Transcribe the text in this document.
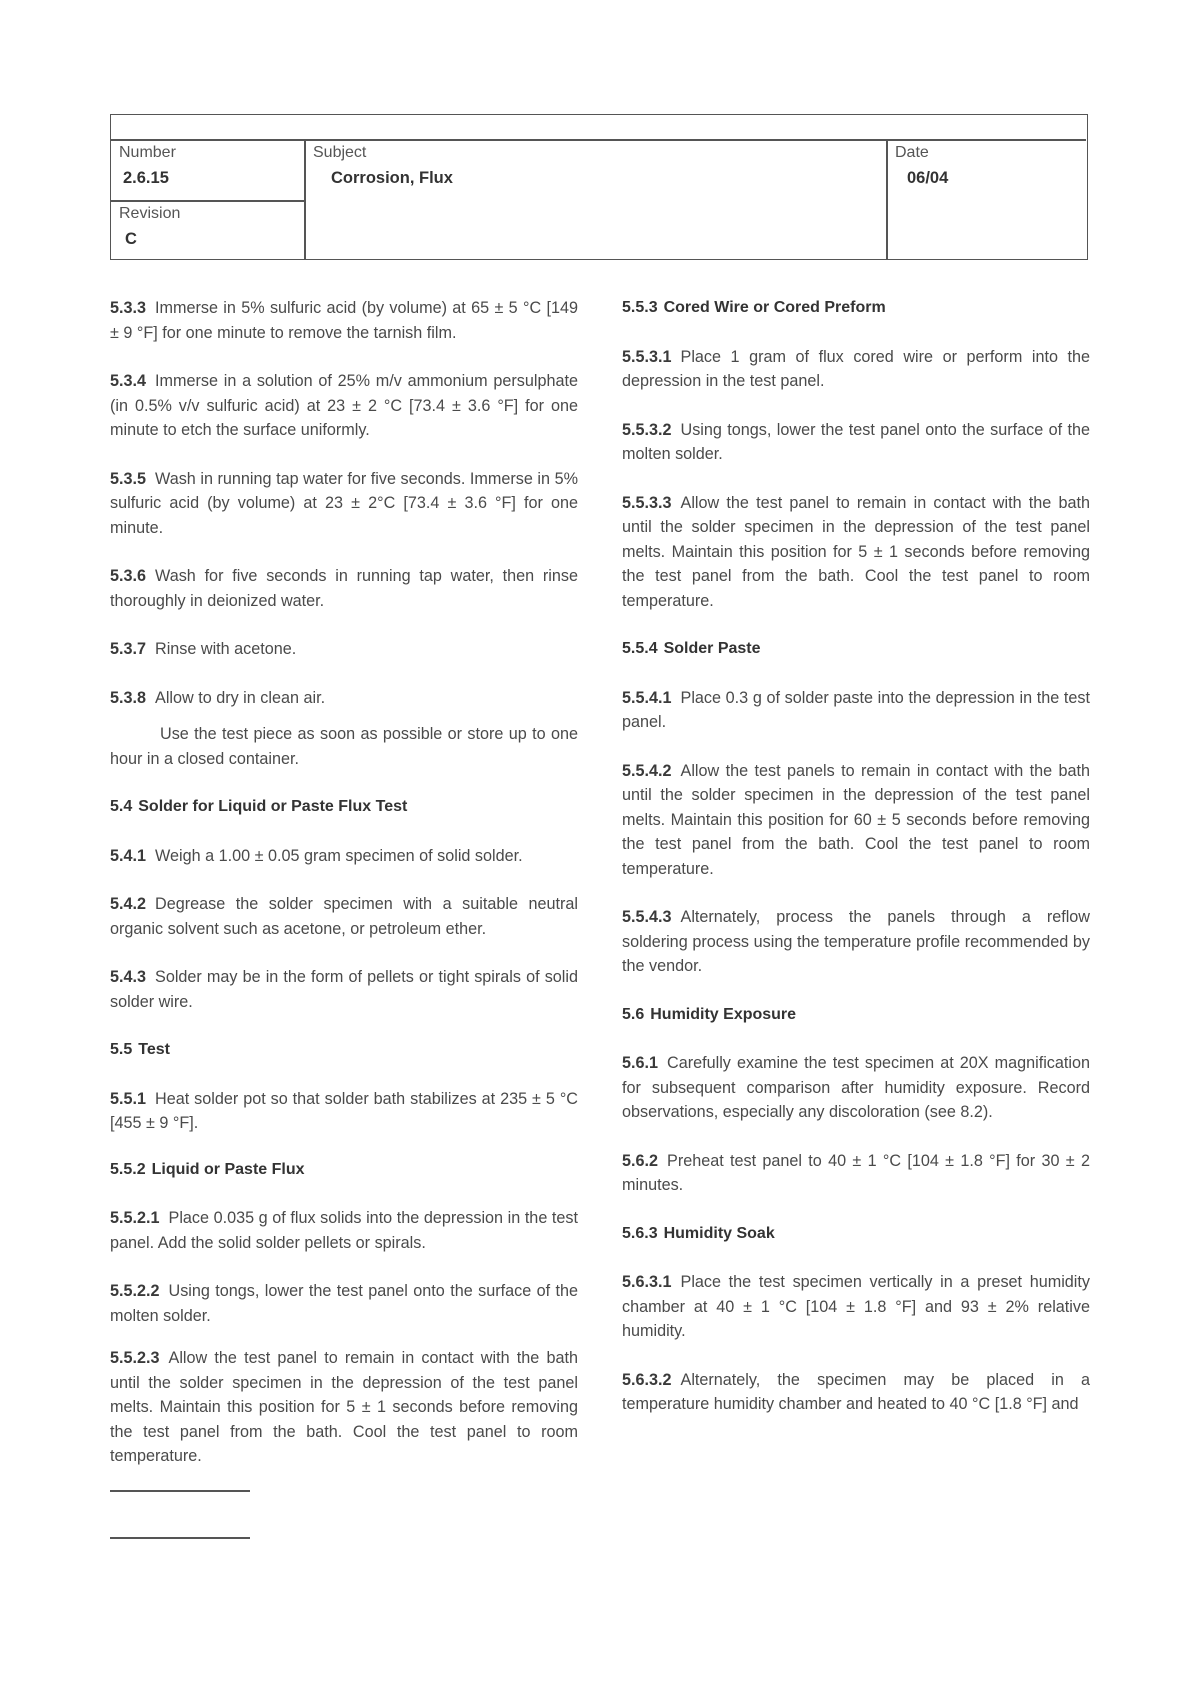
Number
2.6.15
Subject
Corrosion, Flux
Date
06/04
Revision
C

5.3.3 Immerse in 5% sulfuric acid (by volume) at 65 ± 5 °C [149 ± 9 °F] for one minute to remove the tarnish film.

5.3.4 Immerse in a solution of 25% m/v ammonium persulphate (in 0.5% v/v sulfuric acid) at 23 ± 2 °C [73.4 ± 3.6 °F] for one minute to etch the surface uniformly.

5.3.5 Wash in running tap water for five seconds. Immerse in 5% sulfuric acid (by volume) at 23 ± 2°C [73.4 ± 3.6 °F] for one minute.

5.3.6 Wash for five seconds in running tap water, then rinse thoroughly in deionized water.

5.3.7 Rinse with acetone.

5.3.8 Allow to dry in clean air.

Use the test piece as soon as possible or store up to one hour in a closed container.

5.4 Solder for Liquid or Paste Flux Test

5.4.1 Weigh a 1.00 ± 0.05 gram specimen of solid solder.

5.4.2 Degrease the solder specimen with a suitable neutral organic solvent such as acetone, or petroleum ether.

5.4.3 Solder may be in the form of pellets or tight spirals of solid solder wire.

5.5 Test

5.5.1 Heat solder pot so that solder bath stabilizes at 235 ± 5 °C [455 ± 9 °F].

5.5.2 Liquid or Paste Flux

5.5.2.1 Place 0.035 g of flux solids into the depression in the test panel. Add the solid solder pellets or spirals.

5.5.2.2 Using tongs, lower the test panel onto the surface of the molten solder.

5.5.2.3 Allow the test panel to remain in contact with the bath until the solder specimen in the depression of the test panel melts. Maintain this position for 5 ± 1 seconds before removing the test panel from the bath. Cool the test panel to room temperature.

5.5.3 Cored Wire or Cored Preform

5.5.3.1 Place 1 gram of flux cored wire or perform into the depression in the test panel.

5.5.3.2 Using tongs, lower the test panel onto the surface of the molten solder.

5.5.3.3 Allow the test panel to remain in contact with the bath until the solder specimen in the depression of the test panel melts. Maintain this position for 5 ± 1 seconds before removing the test panel from the bath. Cool the test panel to room temperature.

5.5.4 Solder Paste

5.5.4.1 Place 0.3 g of solder paste into the depression in the test panel.

5.5.4.2 Allow the test panels to remain in contact with the bath until the solder specimen in the depression of the test panel melts. Maintain this position for 60 ± 5 seconds before removing the test panel from the bath. Cool the test panel to room temperature.

5.5.4.3 Alternately, process the panels through a reflow soldering process using the temperature profile recommended by the vendor.

5.6 Humidity Exposure

5.6.1 Carefully examine the test specimen at 20X magnification for subsequent comparison after humidity exposure. Record observations, especially any discoloration (see 8.2).

5.6.2 Preheat test panel to 40 ± 1 °C [104 ± 1.8 °F] for 30 ± 2 minutes.

5.6.3 Humidity Soak

5.6.3.1 Place the test specimen vertically in a preset humidity chamber at 40 ± 1 °C [104 ± 1.8 °F] and 93 ± 2% relative humidity.

5.6.3.2 Alternately, the specimen may be placed in a temperature humidity chamber and heated to 40 °C [1.8 °F] and
